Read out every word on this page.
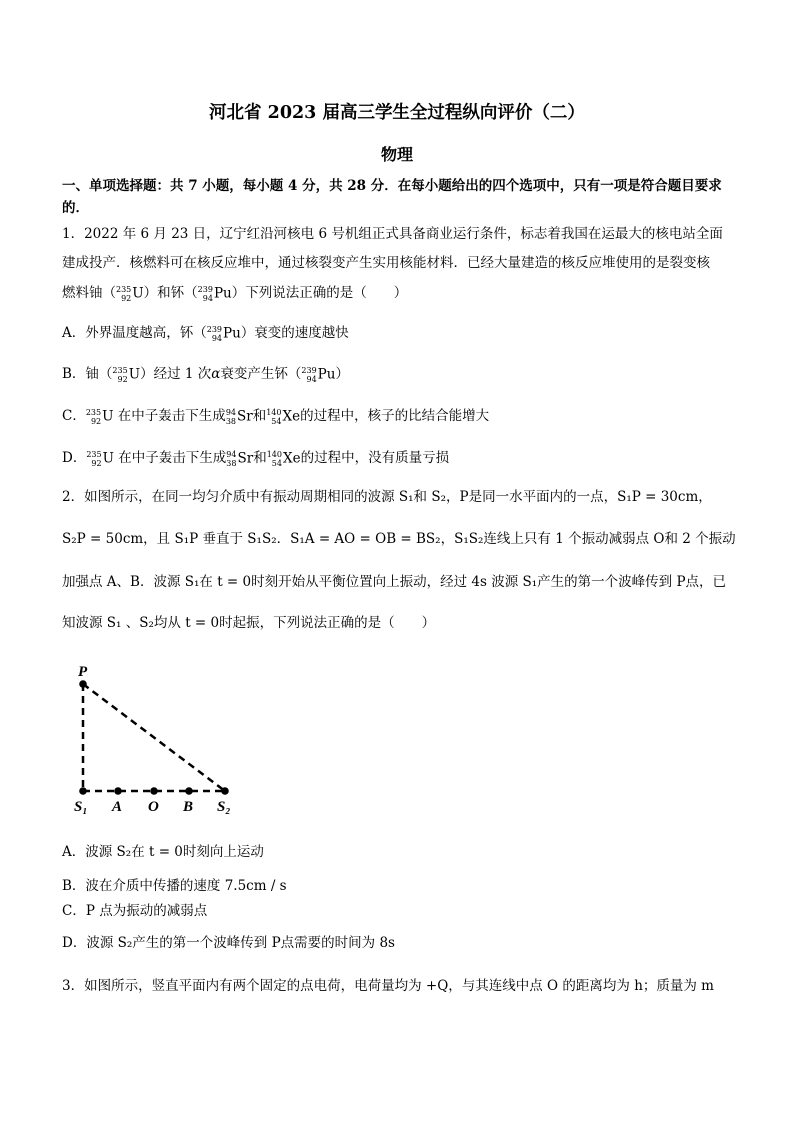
河北省 2023 届高三学生全过程纵向评价（二）
物理
一、单项选择题：共 7 小题，每小题 4 分，共 28 分．在每小题给出的四个选项中，只有一项是符合题目要求
的．
1．2022 年 6 月 23 日，辽宁红沿河核电 6 号机组正式具备商业运行条件，标志着我国在运最大的核电站全面
建成投产．核燃料可在核反应堆中，通过核裂变产生实用核能材料．已经大量建造的核反应堆使用的是裂变核
燃料铀（ 235
92 U）和钚（ 239
94 Pu）下列说法正确的是（　　）
A．外界温度越高，钚（ 239
94 Pu）衰变的速度越快
B．铀（ 235
92 U）经过 1 次α衰变产生钚（ 239
94 Pu）
C． 235
92 U 在中子轰击下生成 94
38 Sr和 140
54 Xe的过程中，核子的比结合能增大
D． 235
92 U 在中子轰击下生成 94
38 Sr和 140
54 Xe的过程中，没有质量亏损
2．如图所示，在同一均匀介质中有振动周期相同的波源 S₁和 S₂，P是同一水平面内的一点，S₁P = 30cm，
S₂P = 50cm，且 S₁P 垂直于 S₁S₂．S₁A = AO = OB = BS₂，S₁S₂连线上只有 1 个振动减弱点 O和 2 个振动
加强点 A、B．波源 S₁在 t = 0时刻开始从平衡位置向上振动，经过 4s 波源 S₁产生的第一个波峰传到 P点，已
知波源 S₁ 、S₂均从 t = 0时起振，下列说法正确的是（　　）
P
S₁ A O B S₂
A．波源 S₂在 t = 0时刻向上运动
B．波在介质中传播的速度 7.5cm / s
C．P 点为振动的减弱点
D．波源 S₂产生的第一个波峰传到 P点需要的时间为 8s
3．如图所示，竖直平面内有两个固定的点电荷，电荷量均为 +Q，与其连线中点 O 的距离均为 h；质量为 m
